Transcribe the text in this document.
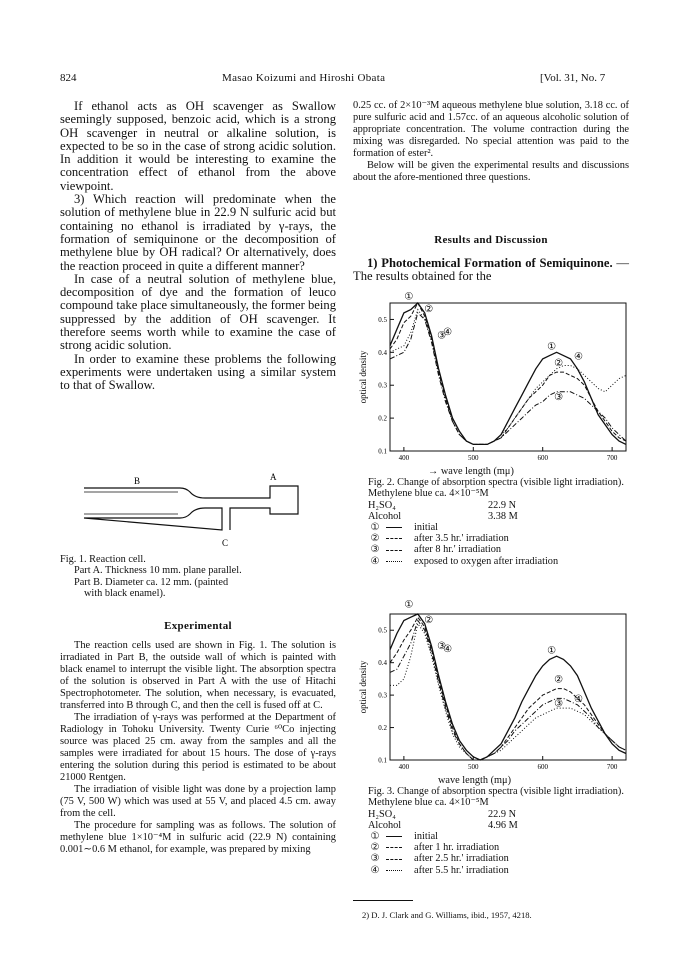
824	Masao Koizumi and Hiroshi Obata	[Vol. 31, No. 7

If ethanol acts as OH scavenger as Swallow seemingly supposed, benzoic acid, which is a strong OH scavenger in neutral or alkaline solution, is expected to be so in the case of strong acidic solution. In addition it would be interesting to examine the concentration effect of ethanol from the above viewpoint.

3) Which reaction will predominate when the solution of methylene blue in 22.9 N sulfuric acid but containing no ethanol is irradiated by γ-rays, the formation of semiquinone or the decomposition of methylene blue by OH radical? Or alternatively, does the reaction proceed in quite a different manner?

In case of a neutral solution of methylene blue, decomposition of dye and the formation of leuco compound take place simultaneously, the former being suppressed by the addition of OH scavenger. It therefore seems worth while to examine the case of strong acidic solution.

In order to examine these problems the following experiments were undertaken using a similar system to that of Swallow.

B	A
C
Fig. 1. Reaction cell.
Part A. Thickness 10 mm. plane parallel.
Part B. Diameter ca. 12 mm. (painted
with black enamel).

Experimental

The reaction cells used are shown in Fig. 1. The solution is irradiated in Part B, the outside wall of which is painted with black enamel to interrupt the visible light. The absorption spectra of the solution is observed in Part A with the use of Hitachi Spectrophotometer. The solution, when necessary, is evacuated, transferred into B through C, and then the cell is fused off at C.

The irradiation of γ-rays was performed at the Department of Radiology in Tohoku University. Twenty Curie ⁶⁰Co injecting source was placed 25 cm. away from the samples and all the samples were irradiated for about 15 hours. The dose of γ-rays entering the solution during this period is estimated to be about 21000 Rentgen.

The irradiation of visible light was done by a projection lamp (75 V, 500 W) which was used at 55 V, and placed 4.5 cm. away from the cell.

The procedure for sampling was as follows. The solution of methylene blue 1×10⁻⁴M in sulfuric acid (22.9 N) containing 0.001∼0.6 M ethanol, for example, was prepared by mixing

0.25 cc. of 2×10⁻³M aqueous methylene blue solution, 3.18 cc. of pure sulfuric acid and 1.57cc. of an aqueous alcoholic solution of appropriate concentration. The volume contraction during the mixing was disregarded. No special attention was paid to the formation of ester².

Below will be given the experimental results and discussions about the afore-mentioned three questions.

Results and Discussion

1) Photochemical Formation of Semiquinone. — The results obtained for the

400	500	600	700
0.1
0.2
0.3
0.4
0.5
optical density
①
①
②
②
③
③
④
④
→ wave length (mμ)
Fig. 2. Change of absorption spectra (visible light irradiation).
Methylene blue ca. 4×10⁻⁵M
H₂SO₄	22.9 N
Alcohol	3.38 M
①	initial
②	after 3.5 hr.' irradiation
③	after 8 hr.' irradiation
④	exposed to oxygen after irradiation
400	500	600	700
0.1
0.2
0.3
0.4
0.5
optical density
①
①
②
②
③
③
④
④
wave length (mμ)
Fig. 3. Change of absorption spectra (visible light irradiation).
Methylene blue ca. 4×10⁻⁵M
H₂SO₄	22.9 N
Alcohol	4.96 M
①	initial
②	after 1 hr. irradiation
③	after 2.5 hr.' irradiation
④	after 5.5 hr.' irradiation
2) D. J. Clark and G. Williams, ibid., 1957, 4218.
